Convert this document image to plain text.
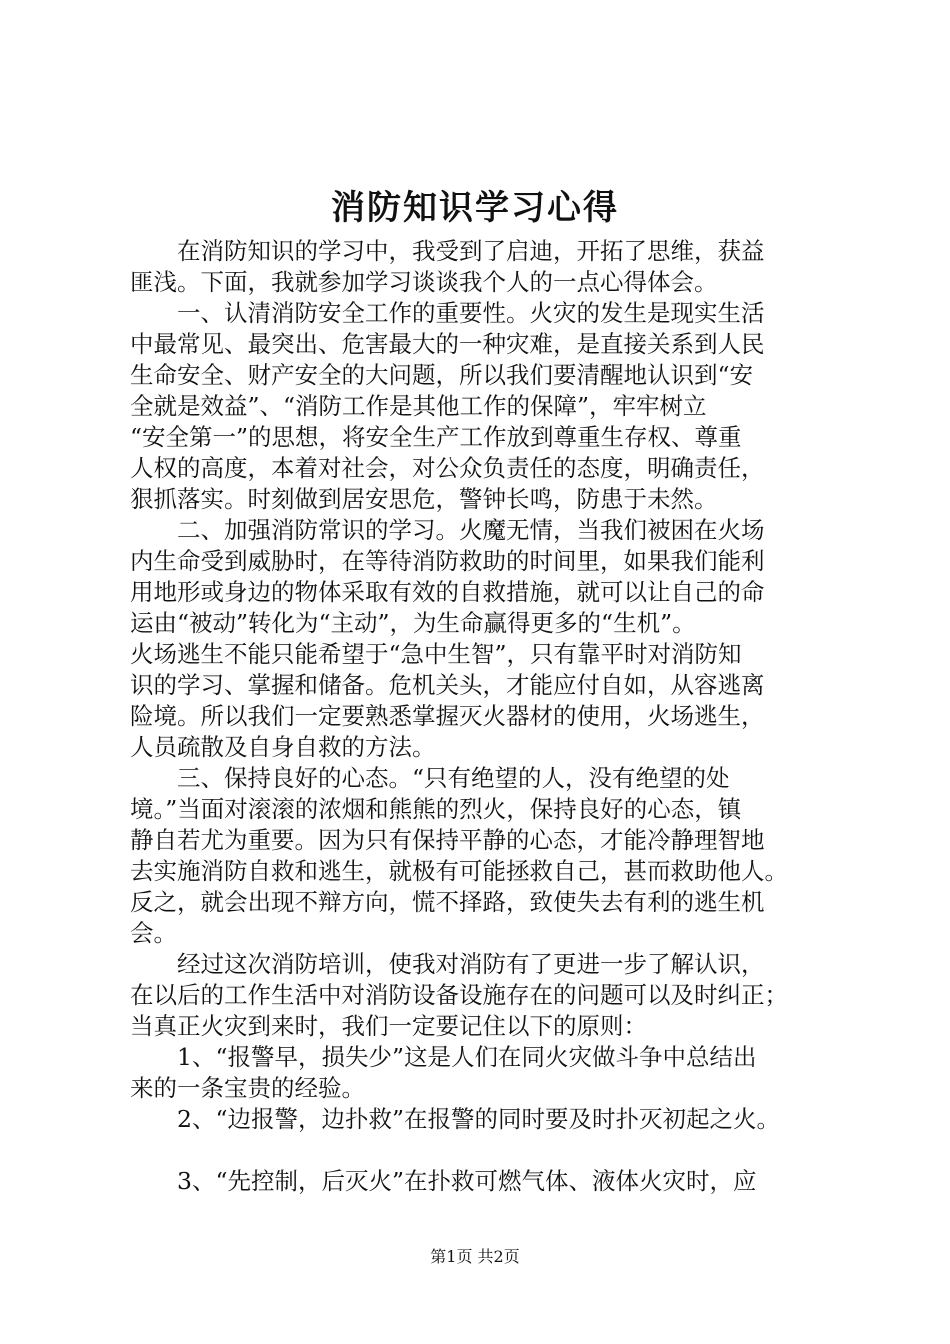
消防知识学习心得
　　在消防知识的学习中，我受到了启迪，开拓了思维，获益
匪浅。下面，我就参加学习谈谈我个人的一点心得体会。
　　一、认清消防安全工作的重要性。火灾的发生是现实生活
中最常见、最突出、危害最大的一种灾难，是直接关系到人民
生命安全、财产安全的大问题，所以我们要清醒地认识到“安
全就是效益”、“消防工作是其他工作的保障”，牢牢树立
“安全第一”的思想，将安全生产工作放到尊重生存权、尊重
人权的高度，本着对社会，对公众负责任的态度，明确责任，
狠抓落实。时刻做到居安思危，警钟长鸣，防患于未然。
　　二、加强消防常识的学习。火魔无情，当我们被困在火场
内生命受到威胁时，在等待消防救助的时间里，如果我们能利
用地形或身边的物体采取有效的自救措施，就可以让自己的命
运由“被动”转化为“主动”，为生命赢得更多的“生机”。
火场逃生不能只能希望于“急中生智”，只有靠平时对消防知
识的学习、掌握和储备。危机关头，才能应付自如，从容逃离
险境。所以我们一定要熟悉掌握灭火器材的使用，火场逃生，
人员疏散及自身自救的方法。
　　三、保持良好的心态。“只有绝望的人，没有绝望的处
境。”当面对滚滚的浓烟和熊熊的烈火，保持良好的心态，镇
静自若尤为重要。因为只有保持平静的心态，才能冷静理智地
去实施消防自救和逃生，就极有可能拯救自己，甚而救助他人。
反之，就会出现不辩方向，慌不择路，致使失去有利的逃生机
会。
　　经过这次消防培训，使我对消防有了更进一步了解认识，
在以后的工作生活中对消防设备设施存在的问题可以及时纠正；
当真正火灾到来时，我们一定要记住以下的原则：
　　1、“报警早，损失少”这是人们在同火灾做斗争中总结出
来的一条宝贵的经验。
　　2、“边报警，边扑救”在报警的同时要及时扑灭初起之火。
　　3、“先控制，后灭火”在扑救可燃气体、液体火灾时，应
第1页 共2页
